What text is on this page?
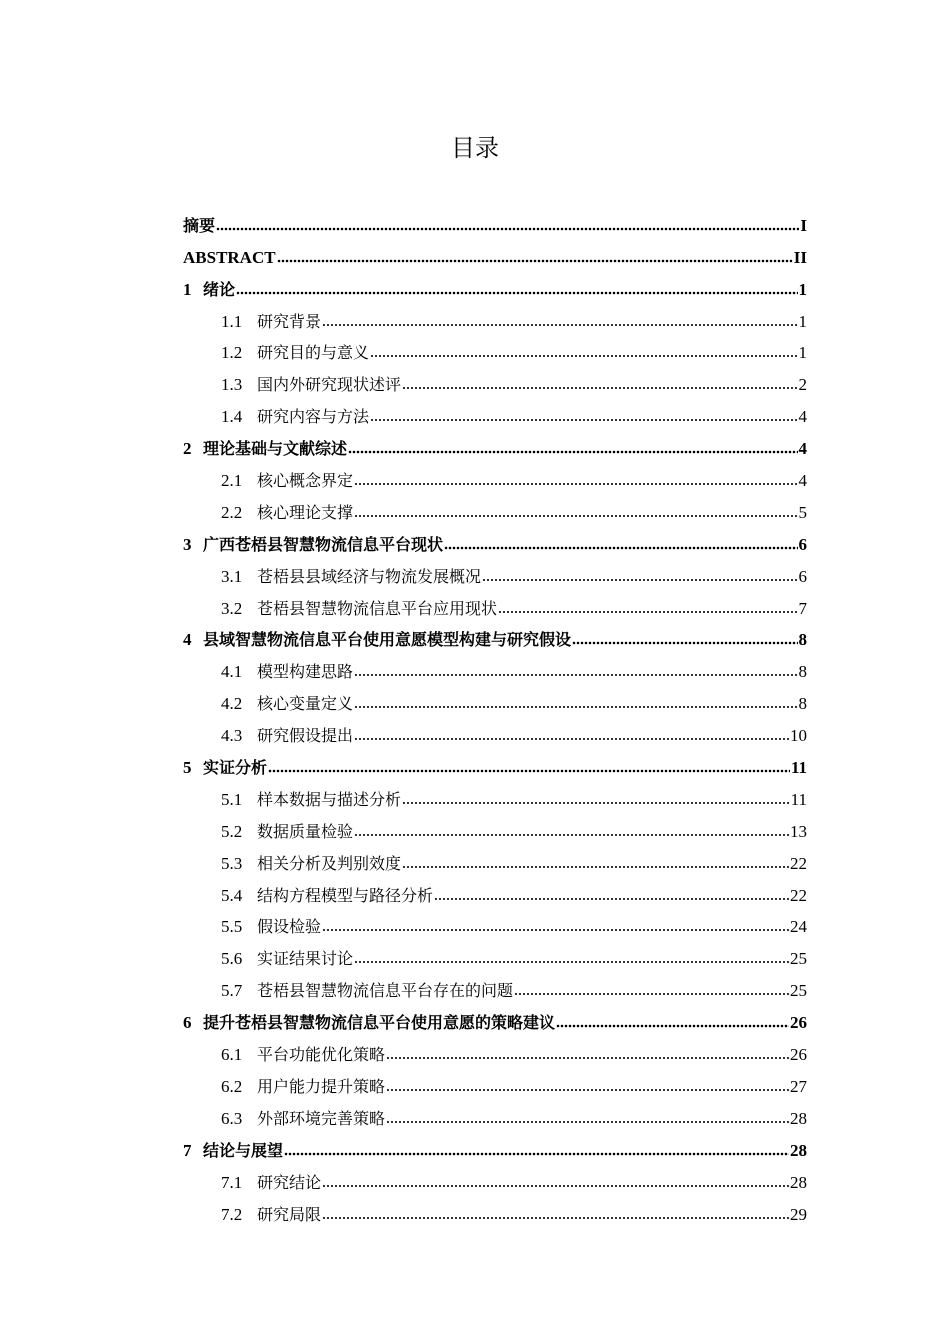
目录
摘要	I
ABSTRACT	II
1 绪论	1
1.1 研究背景	1
1.2 研究目的与意义	1
1.3 国内外研究现状述评	2
1.4 研究内容与方法	4
2 理论基础与文献综述	4
2.1 核心概念界定	4
2.2 核心理论支撑	5
3 广西苍梧县智慧物流信息平台现状	6
3.1 苍梧县县域经济与物流发展概况	6
3.2 苍梧县智慧物流信息平台应用现状	7
4 县域智慧物流信息平台使用意愿模型构建与研究假设	8
4.1 模型构建思路	8
4.2 核心变量定义	8
4.3 研究假设提出	10
5 实证分析	11
5.1 样本数据与描述分析	11
5.2 数据质量检验	13
5.3 相关分析及判别效度	22
5.4 结构方程模型与路径分析	22
5.5 假设检验	24
5.6 实证结果讨论	25
5.7 苍梧县智慧物流信息平台存在的问题	25
6 提升苍梧县智慧物流信息平台使用意愿的策略建议	26
6.1 平台功能优化策略	26
6.2 用户能力提升策略	27
6.3 外部环境完善策略	28
7 结论与展望	28
7.1 研究结论	28
7.2 研究局限	29
